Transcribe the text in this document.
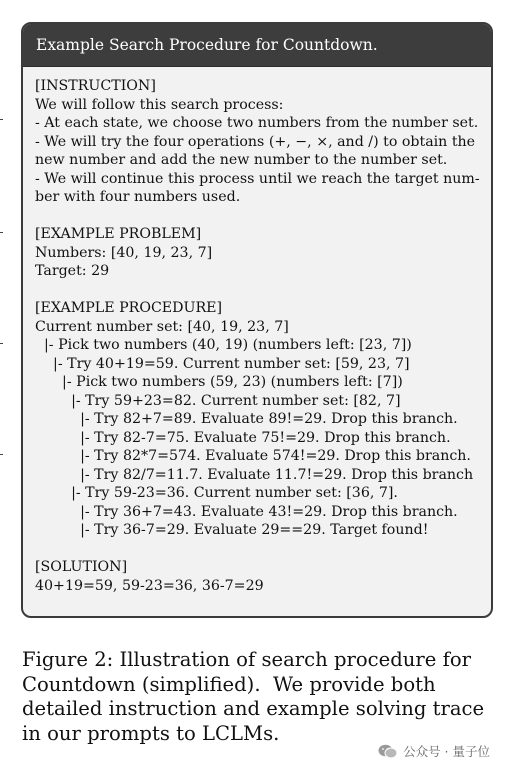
Example Search Procedure for Countdown.
[INSTRUCTION]
We will follow this search process:
- At each state, we choose two numbers from the number set.
- We will try the four operations (+, −, ×, and /) to obtain the
new number and add the new number to the number set.
- We will continue this process until we reach the target num-
ber with four numbers used.
[EXAMPLE PROBLEM]
Numbers: [40, 19, 23, 7]
Target: 29
[EXAMPLE PROCEDURE]
Current number set: [40, 19, 23, 7]
|- Pick two numbers (40, 19) (numbers left: [23, 7])
|- Try 40+19=59. Current number set: [59, 23, 7]
|- Pick two numbers (59, 23) (numbers left: [7])
|- Try 59+23=82. Current number set: [82, 7]
|- Try 82+7=89. Evaluate 89!=29. Drop this branch.
|- Try 82-7=75. Evaluate 75!=29. Drop this branch.
|- Try 82*7=574. Evaluate 574!=29. Drop this branch.
|- Try 82/7=11.7. Evaluate 11.7!=29. Drop this branch
|- Try 59-23=36. Current number set: [36, 7].
|- Try 36+7=43. Evaluate 43!=29. Drop this branch.
|- Try 36-7=29. Evaluate 29==29. Target found!
[SOLUTION]
40+19=59, 59-23=36, 36-7=29
Figure 2: Illustration of search procedure for
Countdown (simplified).  We provide both
detailed instruction and example solving trace
in our prompts to LCLMs.
公众号 · 量子位
